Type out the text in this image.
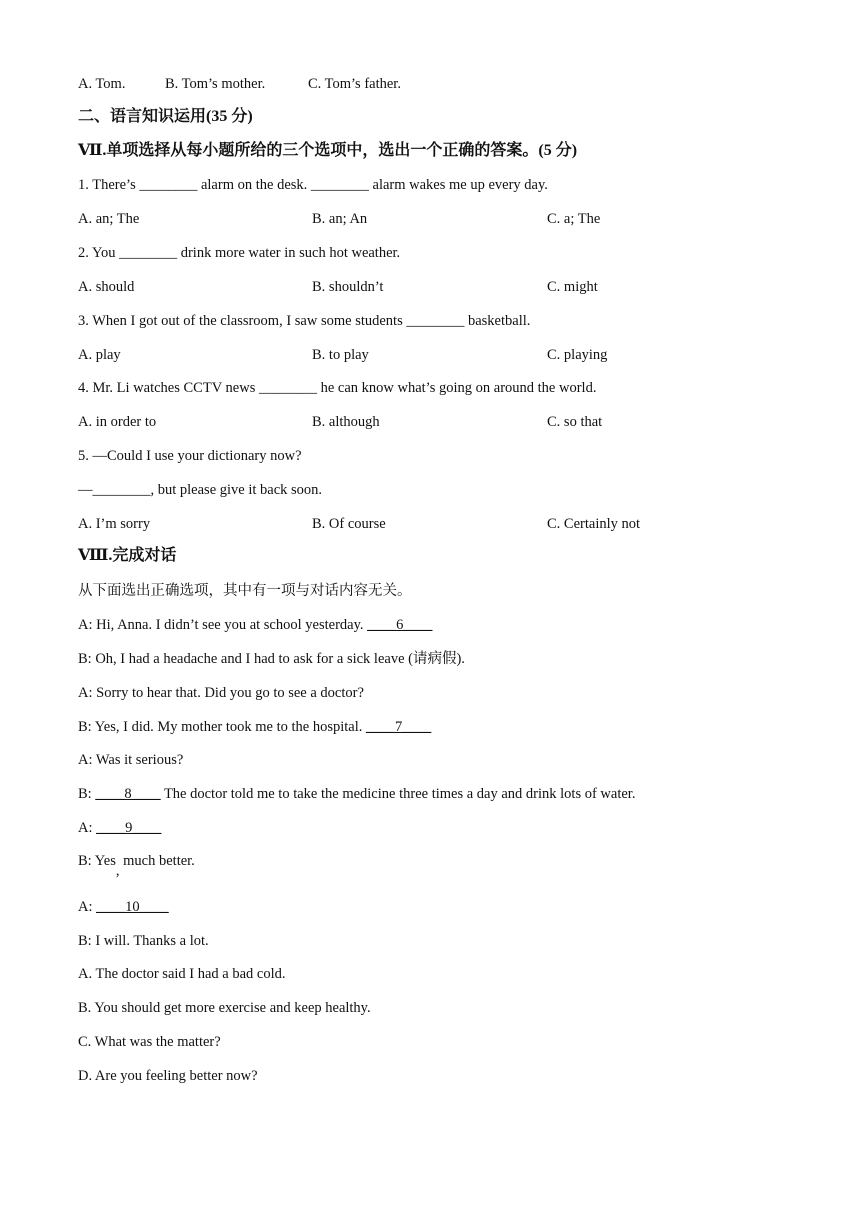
A. Tom.	B. Tom’s mother.	C. Tom’s father.
二、语言知识运用(35 分)
Ⅶ.单项选择从每小题所给的三个选项中，选出一个正确的答案。(5 分)
1. There’s ________ alarm on the desk. ________ alarm wakes me up every day.
A. an; The	B. an; An	C. a; The
2. You ________ drink more water in such hot weather.
A. should	B. shouldn’t	C. might
3. When I got out of the classroom, I saw some students ________ basketball.
A. play	B. to play	C. playing
4. Mr. Li watches CCTV news ________ he can know what’s going on around the world.
A. in order to	B. although	C. so that
5. —Could I use your dictionary now?
—________, but please give it back soon.
A. I’m sorry	B. Of course	C. Certainly not
Ⅷ.完成对话
从下面选出正确选项，其中有一项与对话内容无关。
A: Hi, Anna. I didn’t see you at school yesterday. ____6____
B: Oh, I had a headache and I had to ask for a sick leave (请病假).
A: Sorry to hear that. Did you go to see a doctor?
B: Yes, I did. My mother took me to the hospital. ____7____
A: Was it serious?
B: ____8____ The doctor told me to take the medicine three times a day and drink lots of water.
A: ____9____
B: Yes, much better.
A: ____10____
B: I will. Thanks a lot.
A. The doctor said I had a bad cold.
B. You should get more exercise and keep healthy.
C. What was the matter?
D. Are you feeling better now?
